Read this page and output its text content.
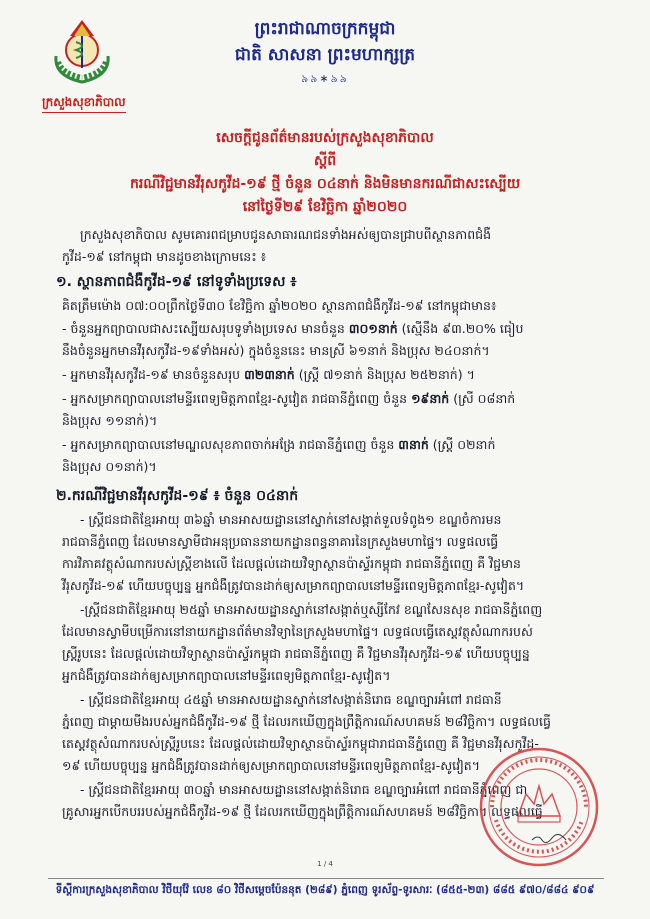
ក្រសួងសុខាភិបាល
ព្រះរាជាណាចក្រកម្ពុជា
ជាតិ សាសនា ព្រះមហាក្សត្រ
৯৯∗৯৯
សេចក្ដីជូនព័ត៌មានរបស់ក្រសួងសុខាភិបាល
ស្ដីពី
ករណីវិជ្ជមានវីរុសកូវីដ-១៩ ថ្មី ចំនួន ០៤នាក់ និងមិនមានករណីជាសះស្បើយ
នៅថ្ងៃទី២៩ ខែវិច្ឆិកា ឆ្នាំ២០២០
ក្រសួងសុខាភិបាល សូមគោរពជម្រាបជូនសាធារណជនទាំងអស់ឲ្យបានជ្រាបពីស្ថានភាពជំងឺ
កូវីដ-១៩ នៅកម្ពុជា មានដូចខាងក្រោមនេះ ៖
១. ស្ថានភាពជំងឺកូវីដ-១៩ នៅទូទាំងប្រទេស ៖
គិតត្រឹមម៉ោង ០៧:០០ព្រឹកថ្ងៃទី៣០ ខែវិច្ឆិកា ឆ្នាំ២០២០ ស្ថានភាពជំងឺកូវីដ-១៩ នៅកម្ពុជាមាន៖
- ចំនួនអ្នកព្យាបាលជាសះស្បើយសរុបទូទាំងប្រទេស មានចំនួន ៣០១នាក់ (ស្មើនឹង ៩៣.២០% ធៀប
នឹងចំនួនអ្នកមានវីរុសកូវីដ-១៩ទាំងអស់) ក្នុងចំនួននេះ មានស្រី ៦១នាក់ និងប្រុស ២៤០នាក់។
- អ្នកមានវីរុសកូវីដ-១៩ មានចំនួនសរុប ៣២៣នាក់ (ស្រ្តី ៧១នាក់ និងប្រុស ២៥២នាក់) ។
- អ្នកសម្រាកព្យាបាលនៅមន្ទីរពេទ្យមិត្តភាពខ្មែរ-សូវៀត រាជធានីភ្នំពេញ ចំនួន ១៩នាក់ (ស្រី ០៨នាក់
និងប្រុស ១១នាក់)។
- អ្នកសម្រាកព្យាបាលនៅមណ្ឌលសុខភាពចាក់អង្រែ រាជធានីភ្នំពេញ ចំនួន ៣នាក់ (ស្ត្រី ០២នាក់
និងប្រុស ០១នាក់)។
២.ករណីវិជ្ជមានវីរុសកូវីដ-១៩ ៖ ចំនួន ០៤នាក់
- ស្រ្តីជនជាតិខ្មែរអាយុ ៣៦ឆ្នាំ មានអាសយដ្ឋាននៅស្នាក់នៅសង្កាត់ទួលទំពូង១ ខណ្ឌចំការមន
រាជធានីភ្នំពេញ ដែលមានស្វាមីជាអនុប្រធាននាយកដ្ឋានពន្ធនាគារនៃក្រសួងមហាផ្ទៃ។ លទ្ធផលធ្វើ
ការវិភាគវត្ថុសំណាករបស់ស្ត្រីខាងលើ ដែលផ្តល់ដោយវិទ្យាស្ថានប៉ាស្ទ័រកម្ពុជា រាជធានីភ្នំពេញ គឺ វិជ្ជមាន
វីរុសកូវីដ-១៩ ហើយបច្ចុប្បន្ន អ្នកជំងឺត្រូវបានដាក់ឲ្យសម្រាកព្យាបាលនៅមន្ទីរពេទ្យមិត្តភាពខ្មែរ-សូវៀត។
-ស្រ្តីជនជាតិខ្មែរអាយុ ២៥ឆ្នាំ មានអាសយដ្ឋានស្នាក់នៅសង្កាត់ឬស្សីកែវ ខណ្ឌសែនសុខ រាជធានីភ្នំពេញ
ដែលមានស្វាមីបម្រើការនៅនាយកដ្ឋានព័ត៌មានវិទ្យានៃក្រសួងមហាផ្ទៃ។ លទ្ធផលធ្វើតេស្តវត្ថុសំណាករបស់
ស្ត្រីរូបនេះ ដែលផ្តល់ដោយវិទ្យាស្ថានប៉ាស្ទ័រកម្ពុជា រាជធានីភ្នំពេញ គឺ វិជ្ជមានវីរុសកូវីដ-១៩ ហើយបច្ចុប្បន្ន
អ្នកជំងឺត្រូវបានដាក់ឲ្យសម្រាកព្យាបាលនៅមន្ទីរពេទ្យមិត្តភាពខ្មែរ-សូវៀត។
- ស្ត្រីជនជាតិខ្មែរអាយុ ៤៥ឆ្នាំ មានអាសយដ្ឋានស្នាក់នៅសង្កាត់និរោធ ខណ្ឌច្បារអំពៅ រាជធានី
ភ្នំពេញ ជាម្តាយមីងរបស់អ្នកជំងឺកូវីដ-១៩ ថ្មី ដែលរកឃើញក្នុងព្រឹត្តិការណ៍សហគមន៍ ២៨វិច្ឆិកា។ លទ្ធផលធ្វើ
តេស្តវត្ថុសំណាករបស់ស្ត្រីរូបនេះ ដែលផ្តល់ដោយវិទ្យាស្ថានប៉ាស្ទ័រកម្ពុជារាជធានីភ្នំពេញ គឺ វិជ្ជមានវីរុសកូវីដ-
១៩ ហើយបច្ចុប្បន្ន អ្នកជំងឺត្រូវបានដាក់ឲ្យសម្រាកព្យាបាលនៅមន្ទីរពេទ្យមិត្តភាពខ្មែរ-សូវៀត។
- ស្រ្តីជនជាតិខ្មែរអាយុ ៣០ឆ្នាំ មានអាសយដ្ឋាននៅសង្កាត់និរោធ ខណ្ឌច្បារអំពៅ រាជធានីភ្នំពេញ ជា
គ្រូសារអ្នកបើកបររបស់អ្នកជំងឺកូវីដ-១៩ ថ្មី ដែលរកឃើញក្នុងព្រឹត្តិការណ៍សហគមន៍ ២៨វិច្ឆិកា។ លទ្ធផលធ្វើ
1 / 4
ទីស្តីការក្រសួងសុខាភិបាល វិថីយុវ៉ែ លេខ ៨០ វិថីសម្តេចប៉ែននុត (២៨៩) ភ្នំពេញ ទូរស័ព្ទ-ទូរសារៈ (៨៥៥-២៣) ៨៨៥ ៩៧០/៨៨៤ ៩០៩
